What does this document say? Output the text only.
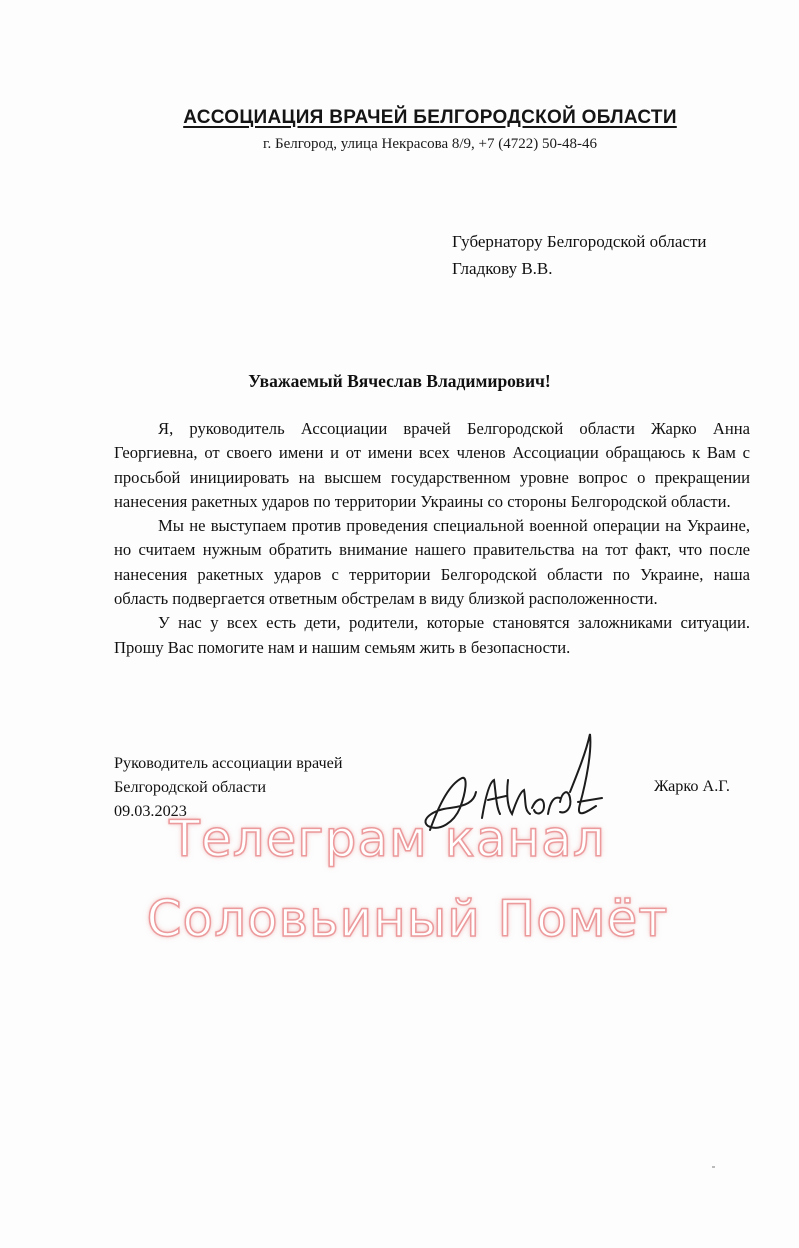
АССОЦИАЦИЯ ВРАЧЕЙ БЕЛГОРОДСКОЙ ОБЛАСТИ
г. Белгород, улица Некрасова 8/9, +7 (4722) 50-48-46
Губернатору Белгородской области
Гладкову В.В.
Уважаемый Вячеслав Владимирович!

Я, руководитель Ассоциации врачей Белгородской области Жарко Анна Георгиевна, от своего имени и от имени всех членов Ассоциации обращаюсь к Вам с просьбой инициировать на высшем государственном уровне вопрос о прекращении нанесения ракетных ударов по территории Украины со стороны Белгородской области.

Мы не выступаем против проведения специальной военной операции на Украине, но считаем нужным обратить внимание нашего правительства на тот факт, что после нанесения ракетных ударов с территории Белгородской области по Украине, наша область подвергается ответным обстрелам в виду близкой расположенности.

У нас у всех есть дети, родители, которые становятся заложниками ситуации. Прошу Вас помогите нам и нашим семьям жить в безопасности.

Руководитель ассоциации врачей
Белгородской области
09.03.2023
Жарко А.Г.
Телеграм канал
Соловьиный Помёт
